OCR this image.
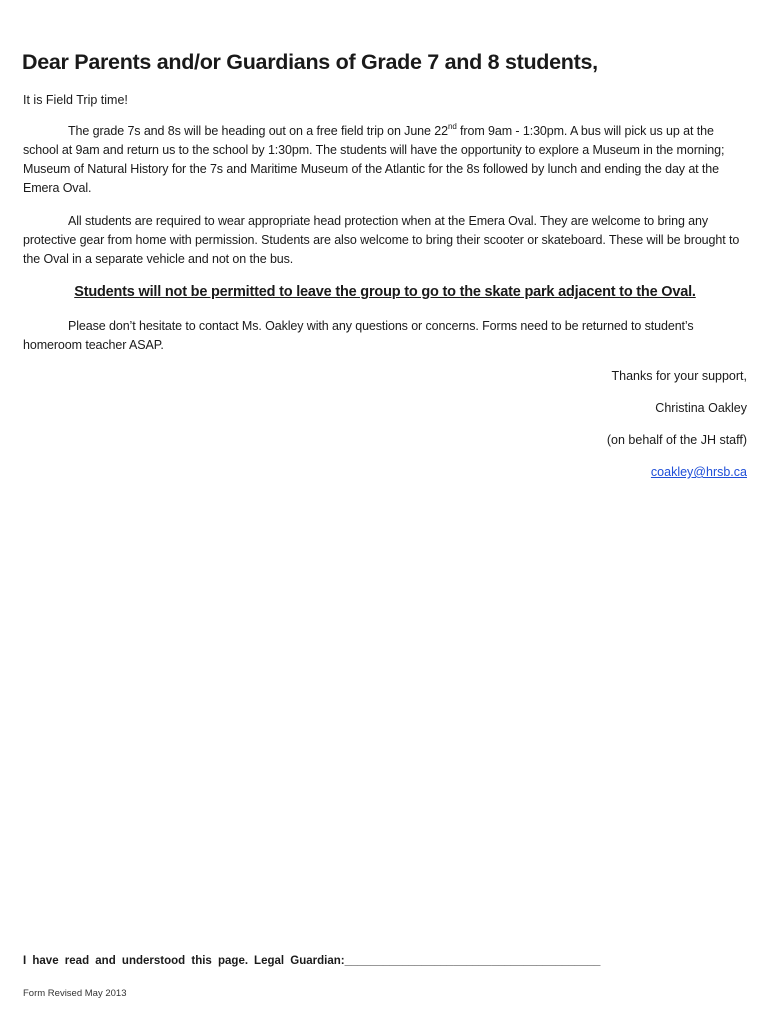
Dear Parents and/or Guardians of Grade 7 and 8 students,
It is Field Trip time!
The grade 7s and 8s will be heading out on a free field trip on June 22nd from 9am - 1:30pm. A bus will pick us up at the school at 9am and return us to the school by 1:30pm. The students will have the opportunity to explore a Museum in the morning; Museum of Natural History for the 7s and Maritime Museum of the Atlantic for the 8s followed by lunch and ending the day at the Emera Oval.
All students are required to wear appropriate head protection when at the Emera Oval. They are welcome to bring any protective gear from home with permission. Students are also welcome to bring their scooter or skateboard. These will be brought to the Oval in a separate vehicle and not on the bus.
Students will not be permitted to leave the group to go to the skate park adjacent to the Oval.
Please don’t hesitate to contact Ms. Oakley with any questions or concerns. Forms need to be returned to student’s homeroom teacher ASAP.
Thanks for your support,
Christina Oakley
(on behalf of the JH staff)
coakley@hrsb.ca
I have read and understood this page. Legal Guardian:________________________________________
Form Revised May 2013
